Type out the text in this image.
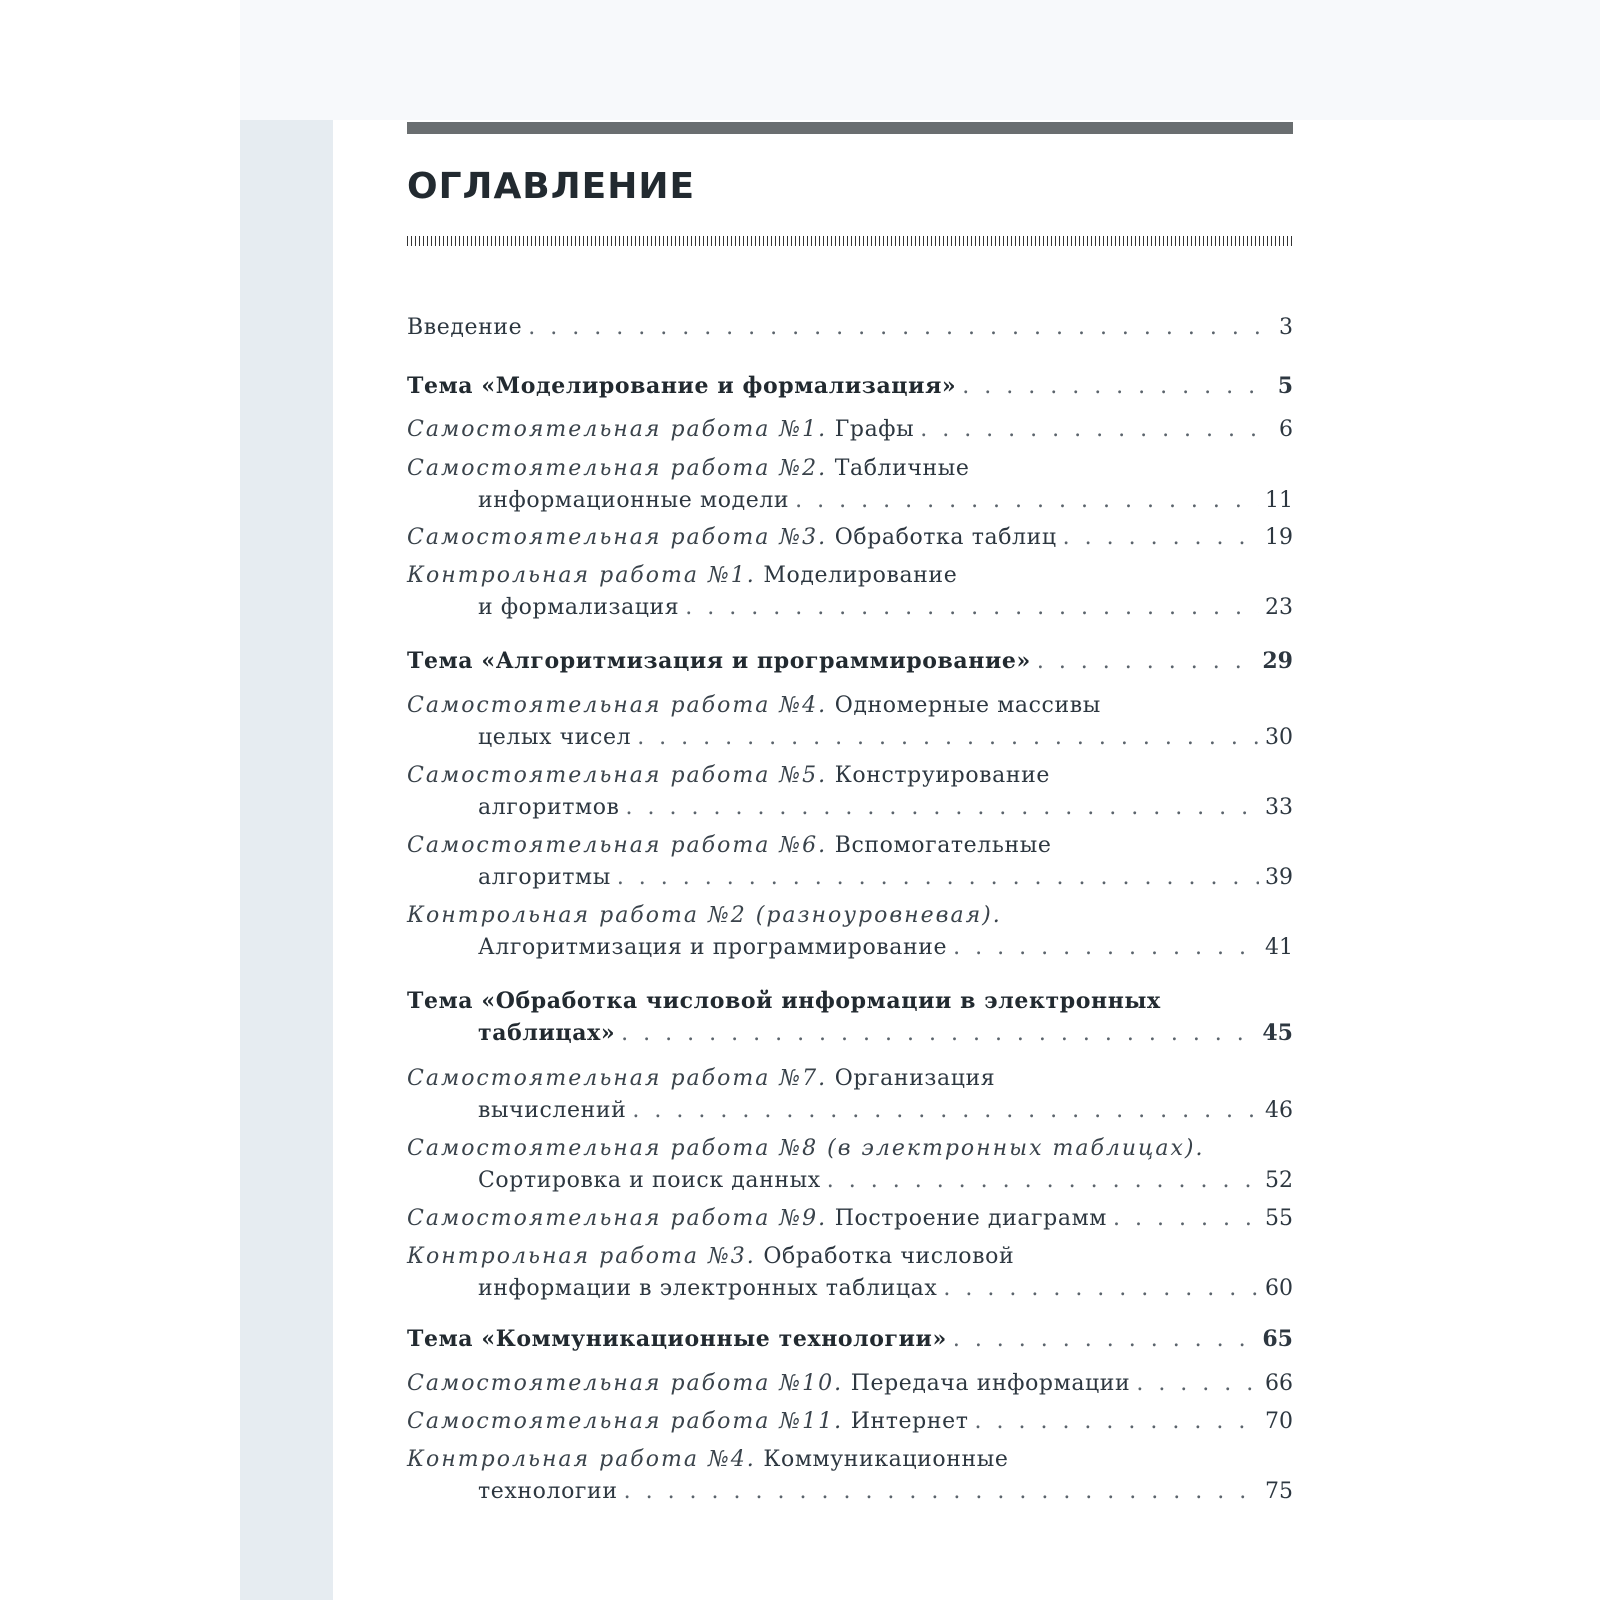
ОГЛАВЛЕНИЕ
Введение . . .	3
Тема «Моделирование и формализация» . . .	5
Самостоятельная работа №1. Графы . . .	6
Самостоятельная работа №2. Табличные
информационные модели . . .	11
Самостоятельная работа №3. Обработка таблиц . . .	19
Контрольная работа №1. Моделирование
и формализация . . .	23
Тема «Алгоритмизация и программирование» . . .	29
Самостоятельная работа №4. Одномерные массивы
целых чисел . . .	30
Самостоятельная работа №5. Конструирование
алгоритмов . . .	33
Самостоятельная работа №6. Вспомогательные
алгоритмы . . .	39
Контрольная работа №2 (разноуровневая).
Алгоритмизация и программирование . . .	41
Тема «Обработка числовой информации в электронных
таблицах» . . .	45
Самостоятельная работа №7. Организация
вычислений . . .	46
Самостоятельная работа №8 (в электронных таблицах).
Сортировка и поиск данных . . .	52
Самостоятельная работа №9. Построение диаграмм . . .	55
Контрольная работа №3. Обработка числовой
информации в электронных таблицах . . .	60
Тема «Коммуникационные технологии» . . .	65
Самостоятельная работа №10. Передача информации . . .	66
Самостоятельная работа №11. Интернет . . .	70
Контрольная работа №4. Коммуникационные
технологии . . .	75
